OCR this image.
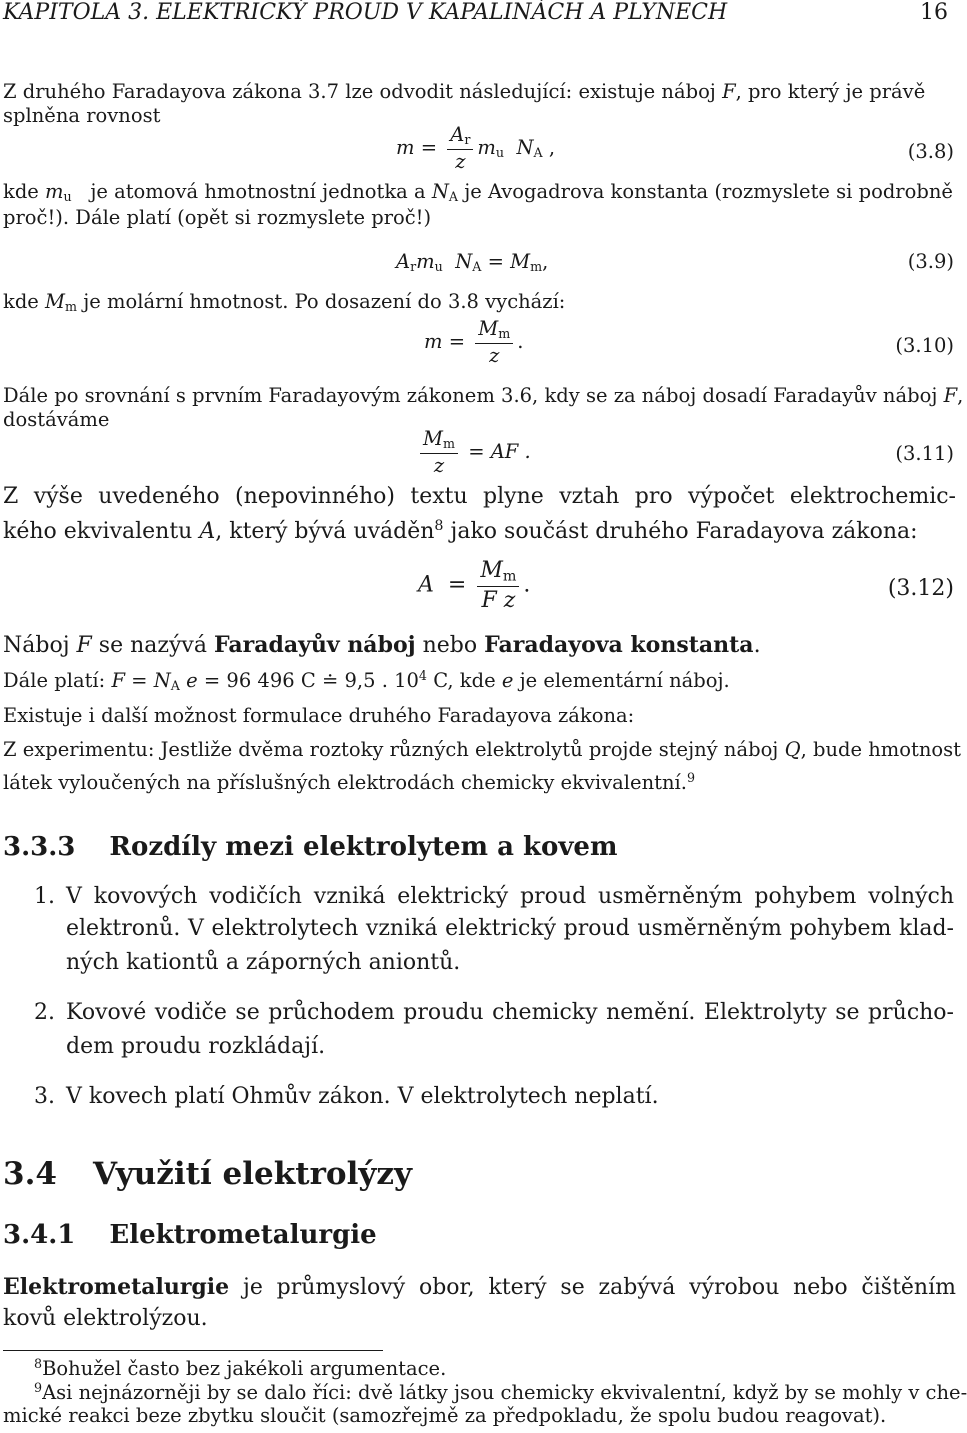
KAPITOLA 3. ELEKTRICKÝ PROUD V KAPALINÁCH A PLYNECH	16
Z druhého Faradayova zákona 3.7 lze odvodit následující: existuje náboj F, pro který je právě
splněna rovnost
$m = \frac{A_r}{z} m_u$ $N_A$ ,	(3.8)
kde $m_u$ je atomová hmotnostní jednotka a $N_A$ je Avogadrova konstanta (rozmyslete si podrobně
proč!). Dále platí (opět si rozmyslete proč!)
$A_rm_u$ $N_A = M_m$,	(3.9)
kde $M_m$ je molární hmotnost. Po dosazení do 3.8 vychází:
$m = \frac{M_m}{z}$ .	(3.10)
Dále po srovnání s prvním Faradayovým zákonem 3.6, kdy se za náboj dosadí Faradayův náboj F,
dostáváme
$\frac{M_m}{z}$ = AF .	(3.11)
Z výše uvedeného (nepovinného) textu plyne vztah pro výpočet elektrochemic-
kého ekvivalentu A, který bývá uváděn$^8$ jako součást druhého Faradayova zákona:
$A = \frac{M_m}{\text{F z}}$ .	(3.12)
Náboj F se nazývá Faradayův náboj nebo Faradayova konstanta.
Dále platí: $F = N_A$ e = 96 496 C ≐ 9,5 . $10^4$ C, kde e je elementární náboj.
Existuje i další možnost formulace druhého Faradayova zákona:
Z experimentu: Jestliže dvěma roztoky různých elektrolytů projde stejný náboj Q, bude hmotnost
látek vyloučených na příslušných elektrodách chemicky ekvivalentní.$^9$
3.3.3 Rozdíly mezi elektrolytem a kovem
1. V kovových vodičích vzniká elektrický proud usměrněným pohybem volných
elektronů. V elektrolytech vzniká elektrický proud usměrněným pohybem klad-
ných kationtů a záporných aniontů.
2. Kovové vodiče se průchodem proudu chemicky nemění. Elektrolyty se průcho-
dem proudu rozkládají.
3. V kovech platí Ohmův zákon. V elektrolytech neplatí.
3.4 Využití elektrolýzy
3.4.1 Elektrometalurgie
Elektrometalurgie je průmyslový obor, který se zabývá výrobou nebo čištěním
kovů elektrolýzou.
$^8$Bohužel často bez jakékoli argumentace.
$^9$Asi nejnázorněji by se dalo říci: dvě látky jsou chemicky ekvivalentní, když by se mohly v che-
mické reakci beze zbytku sloučit (samozřejmě za předpokladu, že spolu budou reagovat).
